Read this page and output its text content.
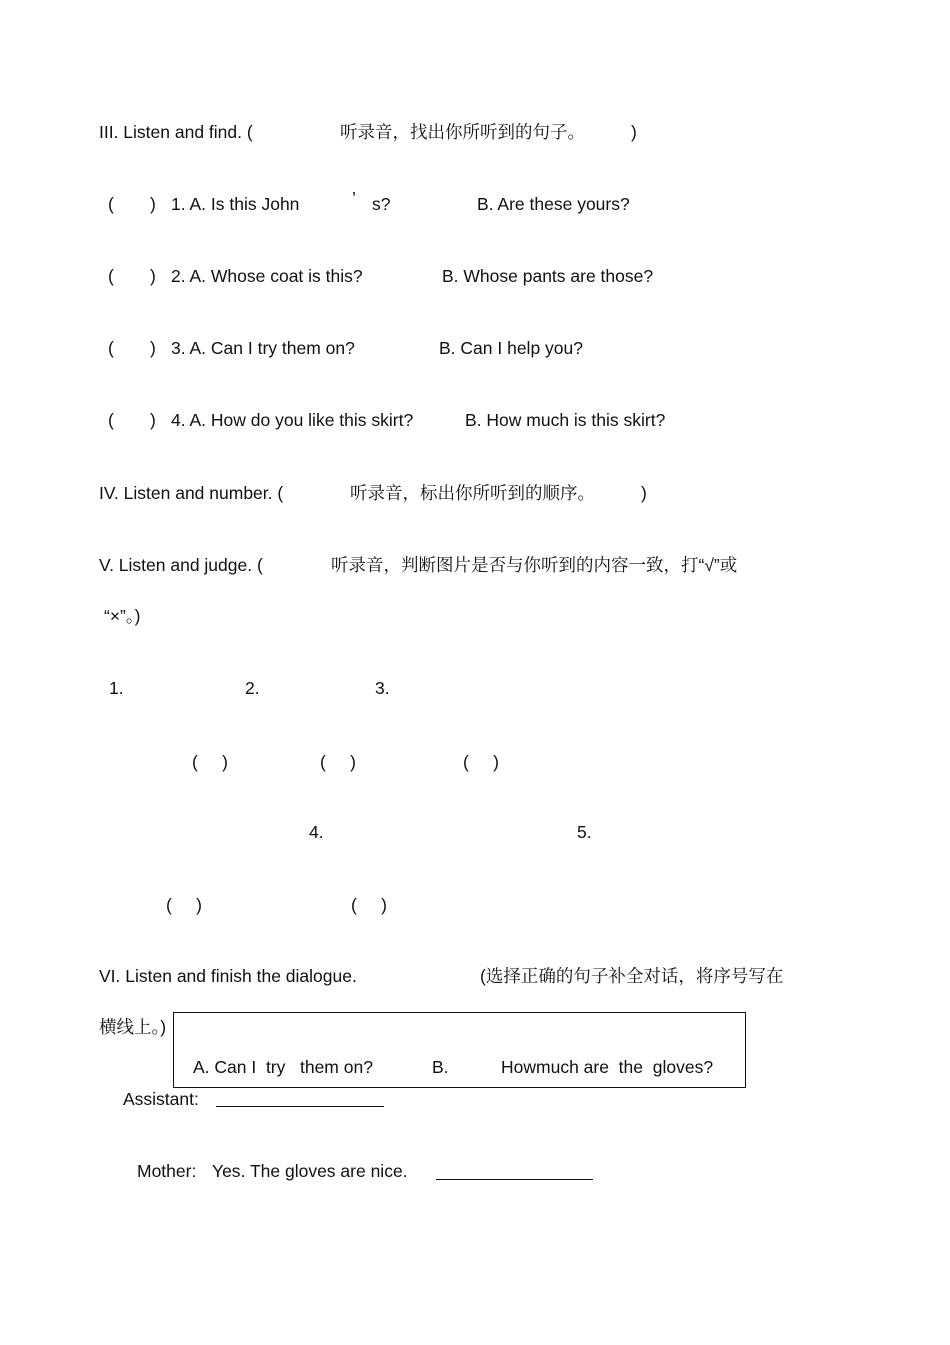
III. Listen and find. (	听录音，找出你所听到的句子。	)
( ) 1. A. Is this John	’ s?	B. Are these yours?
( ) 2. A. Whose coat is this?	B. Whose pants are those?
( ) 3. A. Can I try them on?	B. Can I help you?
( ) 4. A. How do you like this skirt?	B. How much is this skirt?
IV. Listen and number. (	听录音，标出你所听到的顺序。	)
V. Listen and judge. (	听录音，判断图片是否与你听到的内容一致，打“√”或
“×”。)
1.	2.	3.
(     )	(     )	(     )
4.	5.
(     )	(     )
VI. Listen and finish the dialogue.	(选择正确的句子补全对话，将序号写在
横线上。)
A. Can I  try   them on?	B.	Howmuch are  the  gloves?
Assistant:
Mother: Yes. The gloves are nice.
